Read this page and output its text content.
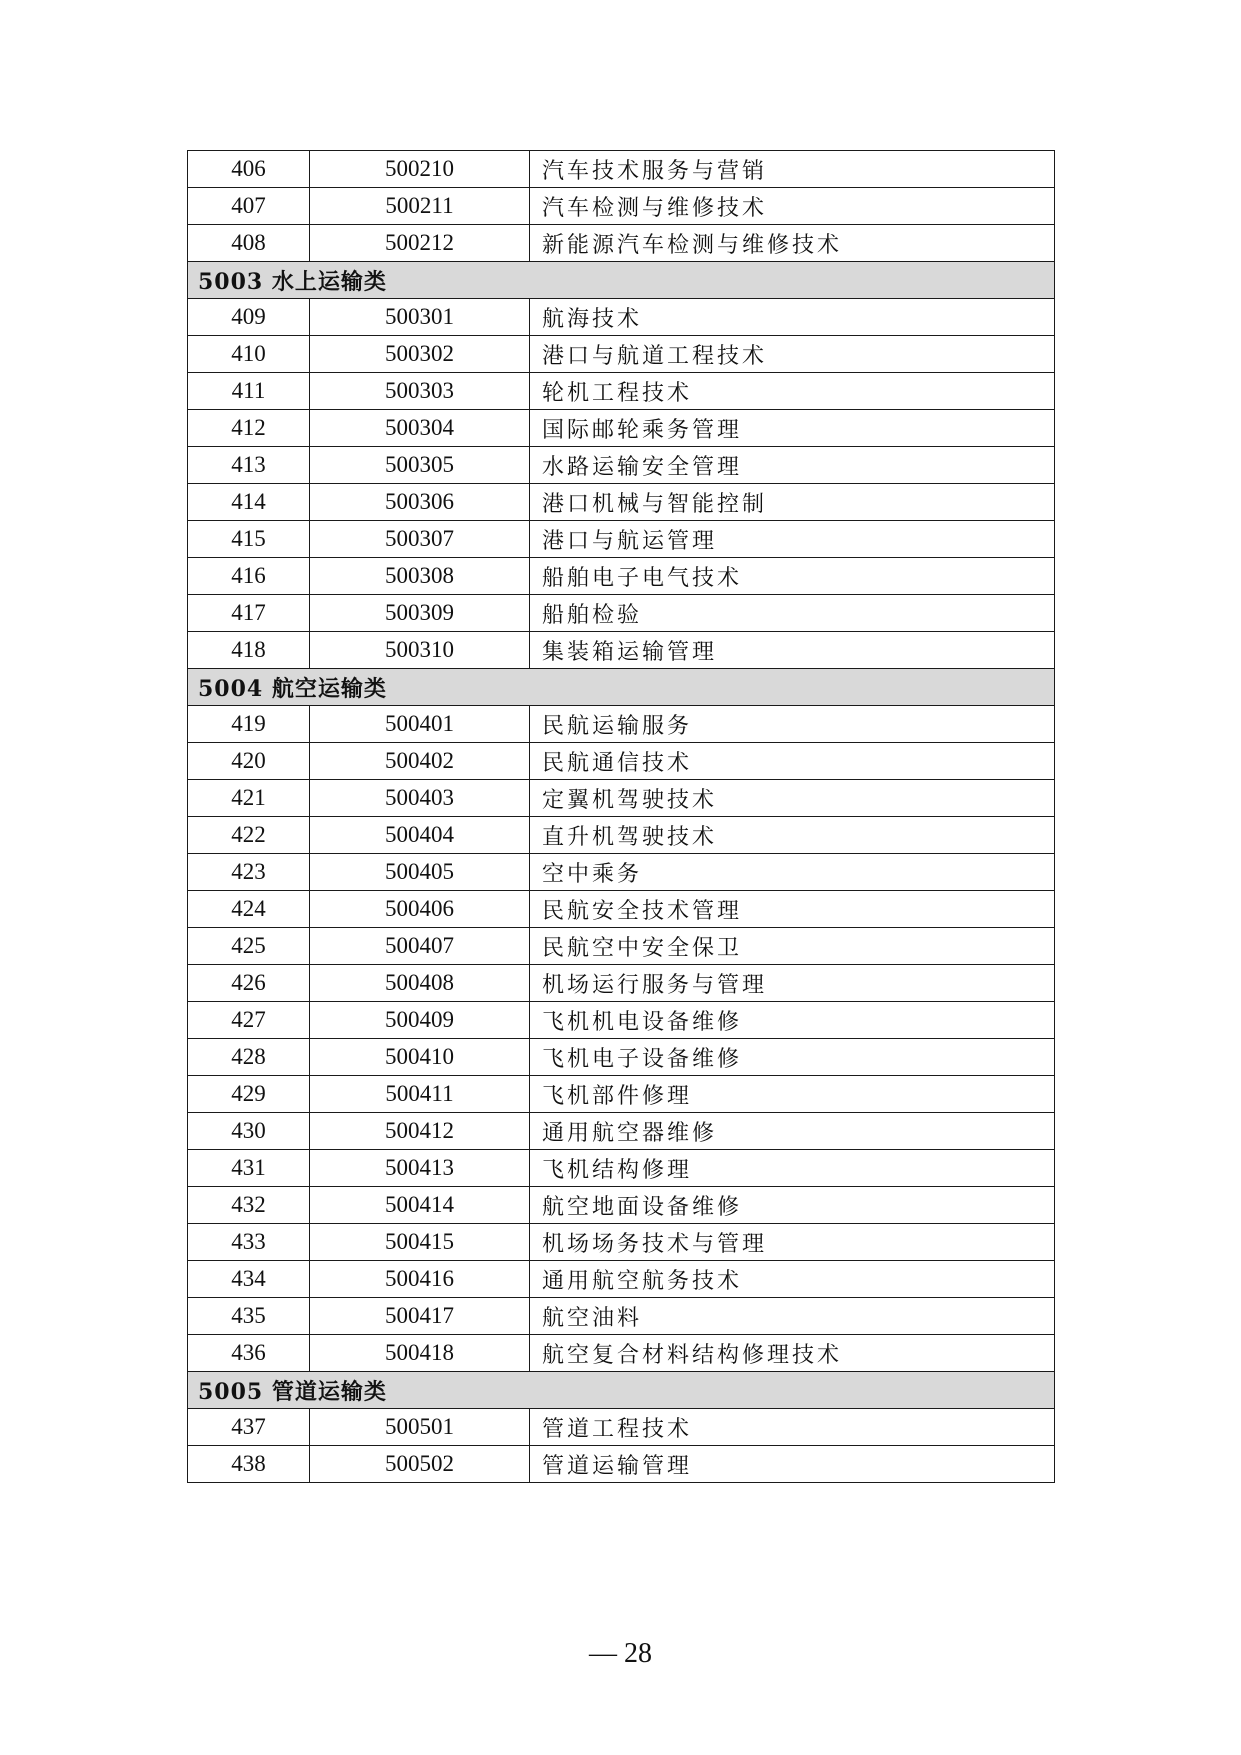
406	500210	汽车技术服务与营销
407	500211	汽车检测与维修技术
408	500212	新能源汽车检测与维修技术
5003 水上运输类		
409	500301	航海技术
410	500302	港口与航道工程技术
411	500303	轮机工程技术
412	500304	国际邮轮乘务管理
413	500305	水路运输安全管理
414	500306	港口机械与智能控制
415	500307	港口与航运管理
416	500308	船舶电子电气技术
417	500309	船舶检验
418	500310	集装箱运输管理
5004 航空运输类		
419	500401	民航运输服务
420	500402	民航通信技术
421	500403	定翼机驾驶技术
422	500404	直升机驾驶技术
423	500405	空中乘务
424	500406	民航安全技术管理
425	500407	民航空中安全保卫
426	500408	机场运行服务与管理
427	500409	飞机机电设备维修
428	500410	飞机电子设备维修
429	500411	飞机部件修理
430	500412	通用航空器维修
431	500413	飞机结构修理
432	500414	航空地面设备维修
433	500415	机场场务技术与管理
434	500416	通用航空航务技术
435	500417	航空油料
436	500418	航空复合材料结构修理技术
5005 管道运输类		
437	500501	管道工程技术
438	500502	管道运输管理
— 28
